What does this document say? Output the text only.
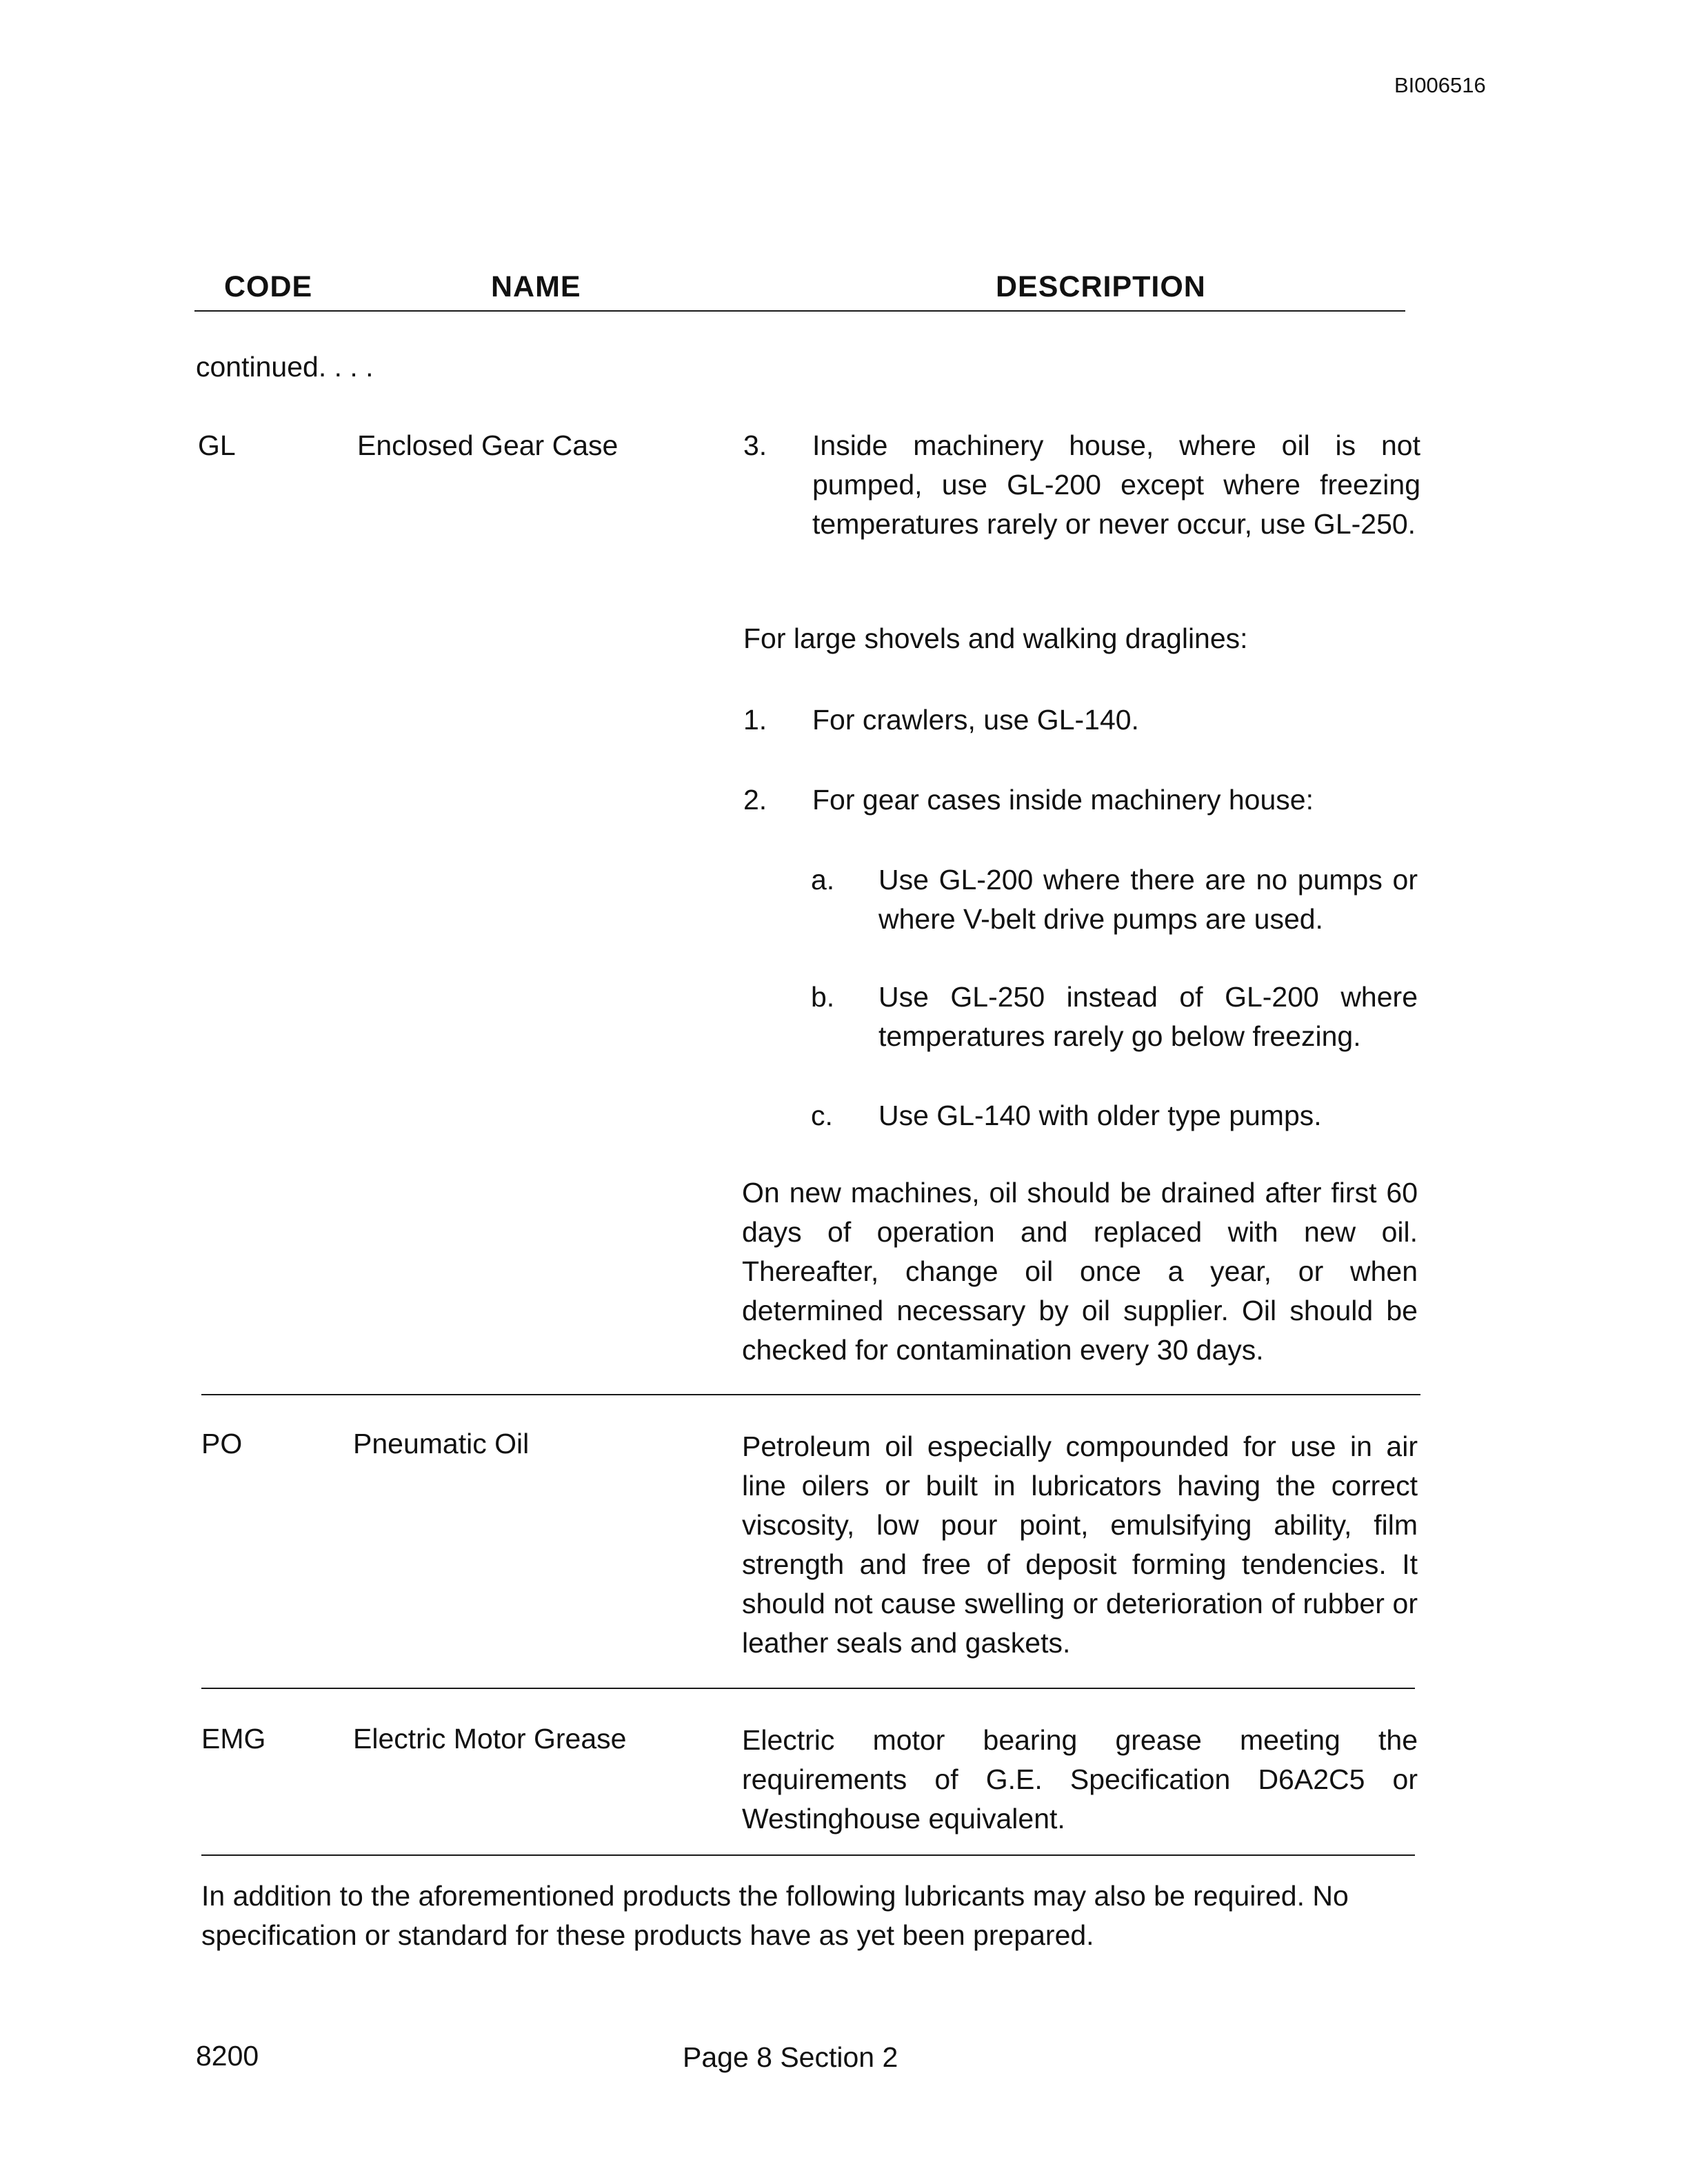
BI006516
CODE	NAME	DESCRIPTION
continued. . . .
GL	Enclosed Gear Case	3. Inside machinery house, where oil is not pumped, use GL-200 except where freezing temperatures rarely or never occur, use GL-250.
For large shovels and walking draglines:
1. For crawlers, use GL-140.
2. For gear cases inside machinery house:
a. Use GL-200 where there are no pumps or where V-belt drive pumps are used.
b. Use GL-250 instead of GL-200 where temperatures rarely go below freezing.
c. Use GL-140 with older type pumps.
On new machines, oil should be drained after first 60 days of operation and replaced with new oil. Thereafter, change oil once a year, or when determined necessary by oil supplier. Oil should be checked for contamination every 30 days.
PO	Pneumatic Oil	Petroleum oil especially compounded for use in air line oilers or built in lubricators having the correct viscosity, low pour point, emulsifying ability, film strength and free of deposit forming tendencies. It should not cause swelling or deterioration of rubber or leather seals and gaskets.
EMG	Electric Motor Grease	Electric motor bearing grease meeting the requirements of G.E. Specification D6A2C5 or Westinghouse equivalent.
In addition to the aforementioned products the following lubricants may also be required. No specification or standard for these products have as yet been prepared.
8200	Page 8 Section 2
